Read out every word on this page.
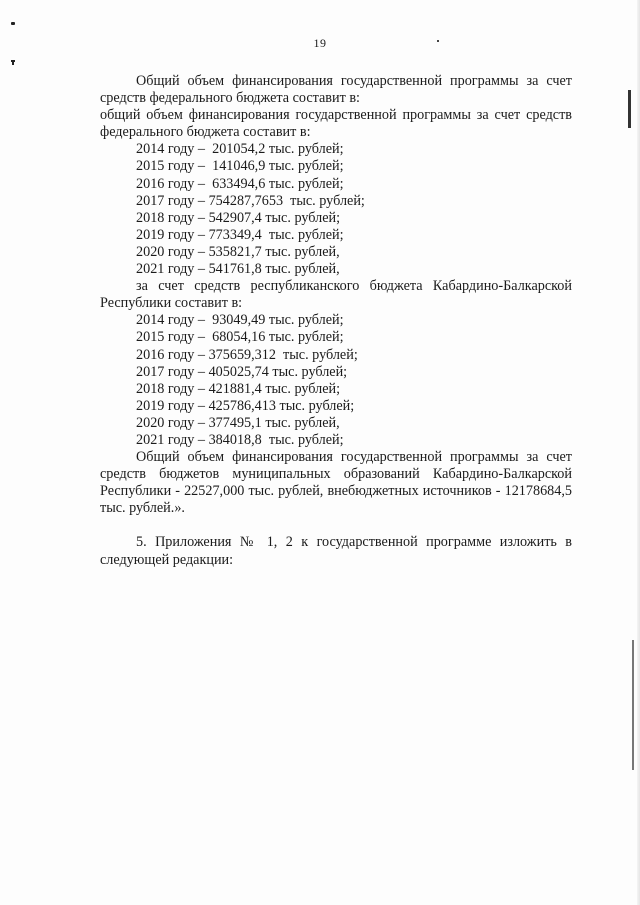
19

Общий объем финансирования государственной программы за счет средств федерального бюджета составит в:

общий объем финансирования государственной программы за счет средств федерального бюджета составит в:

2014 году –  201054,2 тыс. рублей;
2015 году –  141046,9 тыс. рублей;
2016 году –  633494,6 тыс. рублей;
2017 году – 754287,7653  тыс. рублей;
2018 году – 542907,4 тыс. рублей;
2019 году – 773349,4  тыс. рублей;
2020 году – 535821,7 тыс. рублей,
2021 году – 541761,8 тыс. рублей,

за счет средств республиканского бюджета Кабардино-Балкарской Республики составит в:

2014 году –  93049,49 тыс. рублей;
2015 году –  68054,16 тыс. рублей;
2016 году – 375659,312  тыс. рублей;
2017 году – 405025,74 тыс. рублей;
2018 году – 421881,4 тыс. рублей;
2019 году – 425786,413 тыс. рублей;
2020 году – 377495,1 тыс. рублей,
2021 году – 384018,8  тыс. рублей;

Общий объем финансирования государственной программы за счет средств бюджетов муниципальных образований Кабардино-Балкарской Республики - 22527,000 тыс. рублей, внебюджетных источников - 12178684,5 тыс. рублей.».

5. Приложения № 1, 2 к государственной программе изложить в следующей редакции:
